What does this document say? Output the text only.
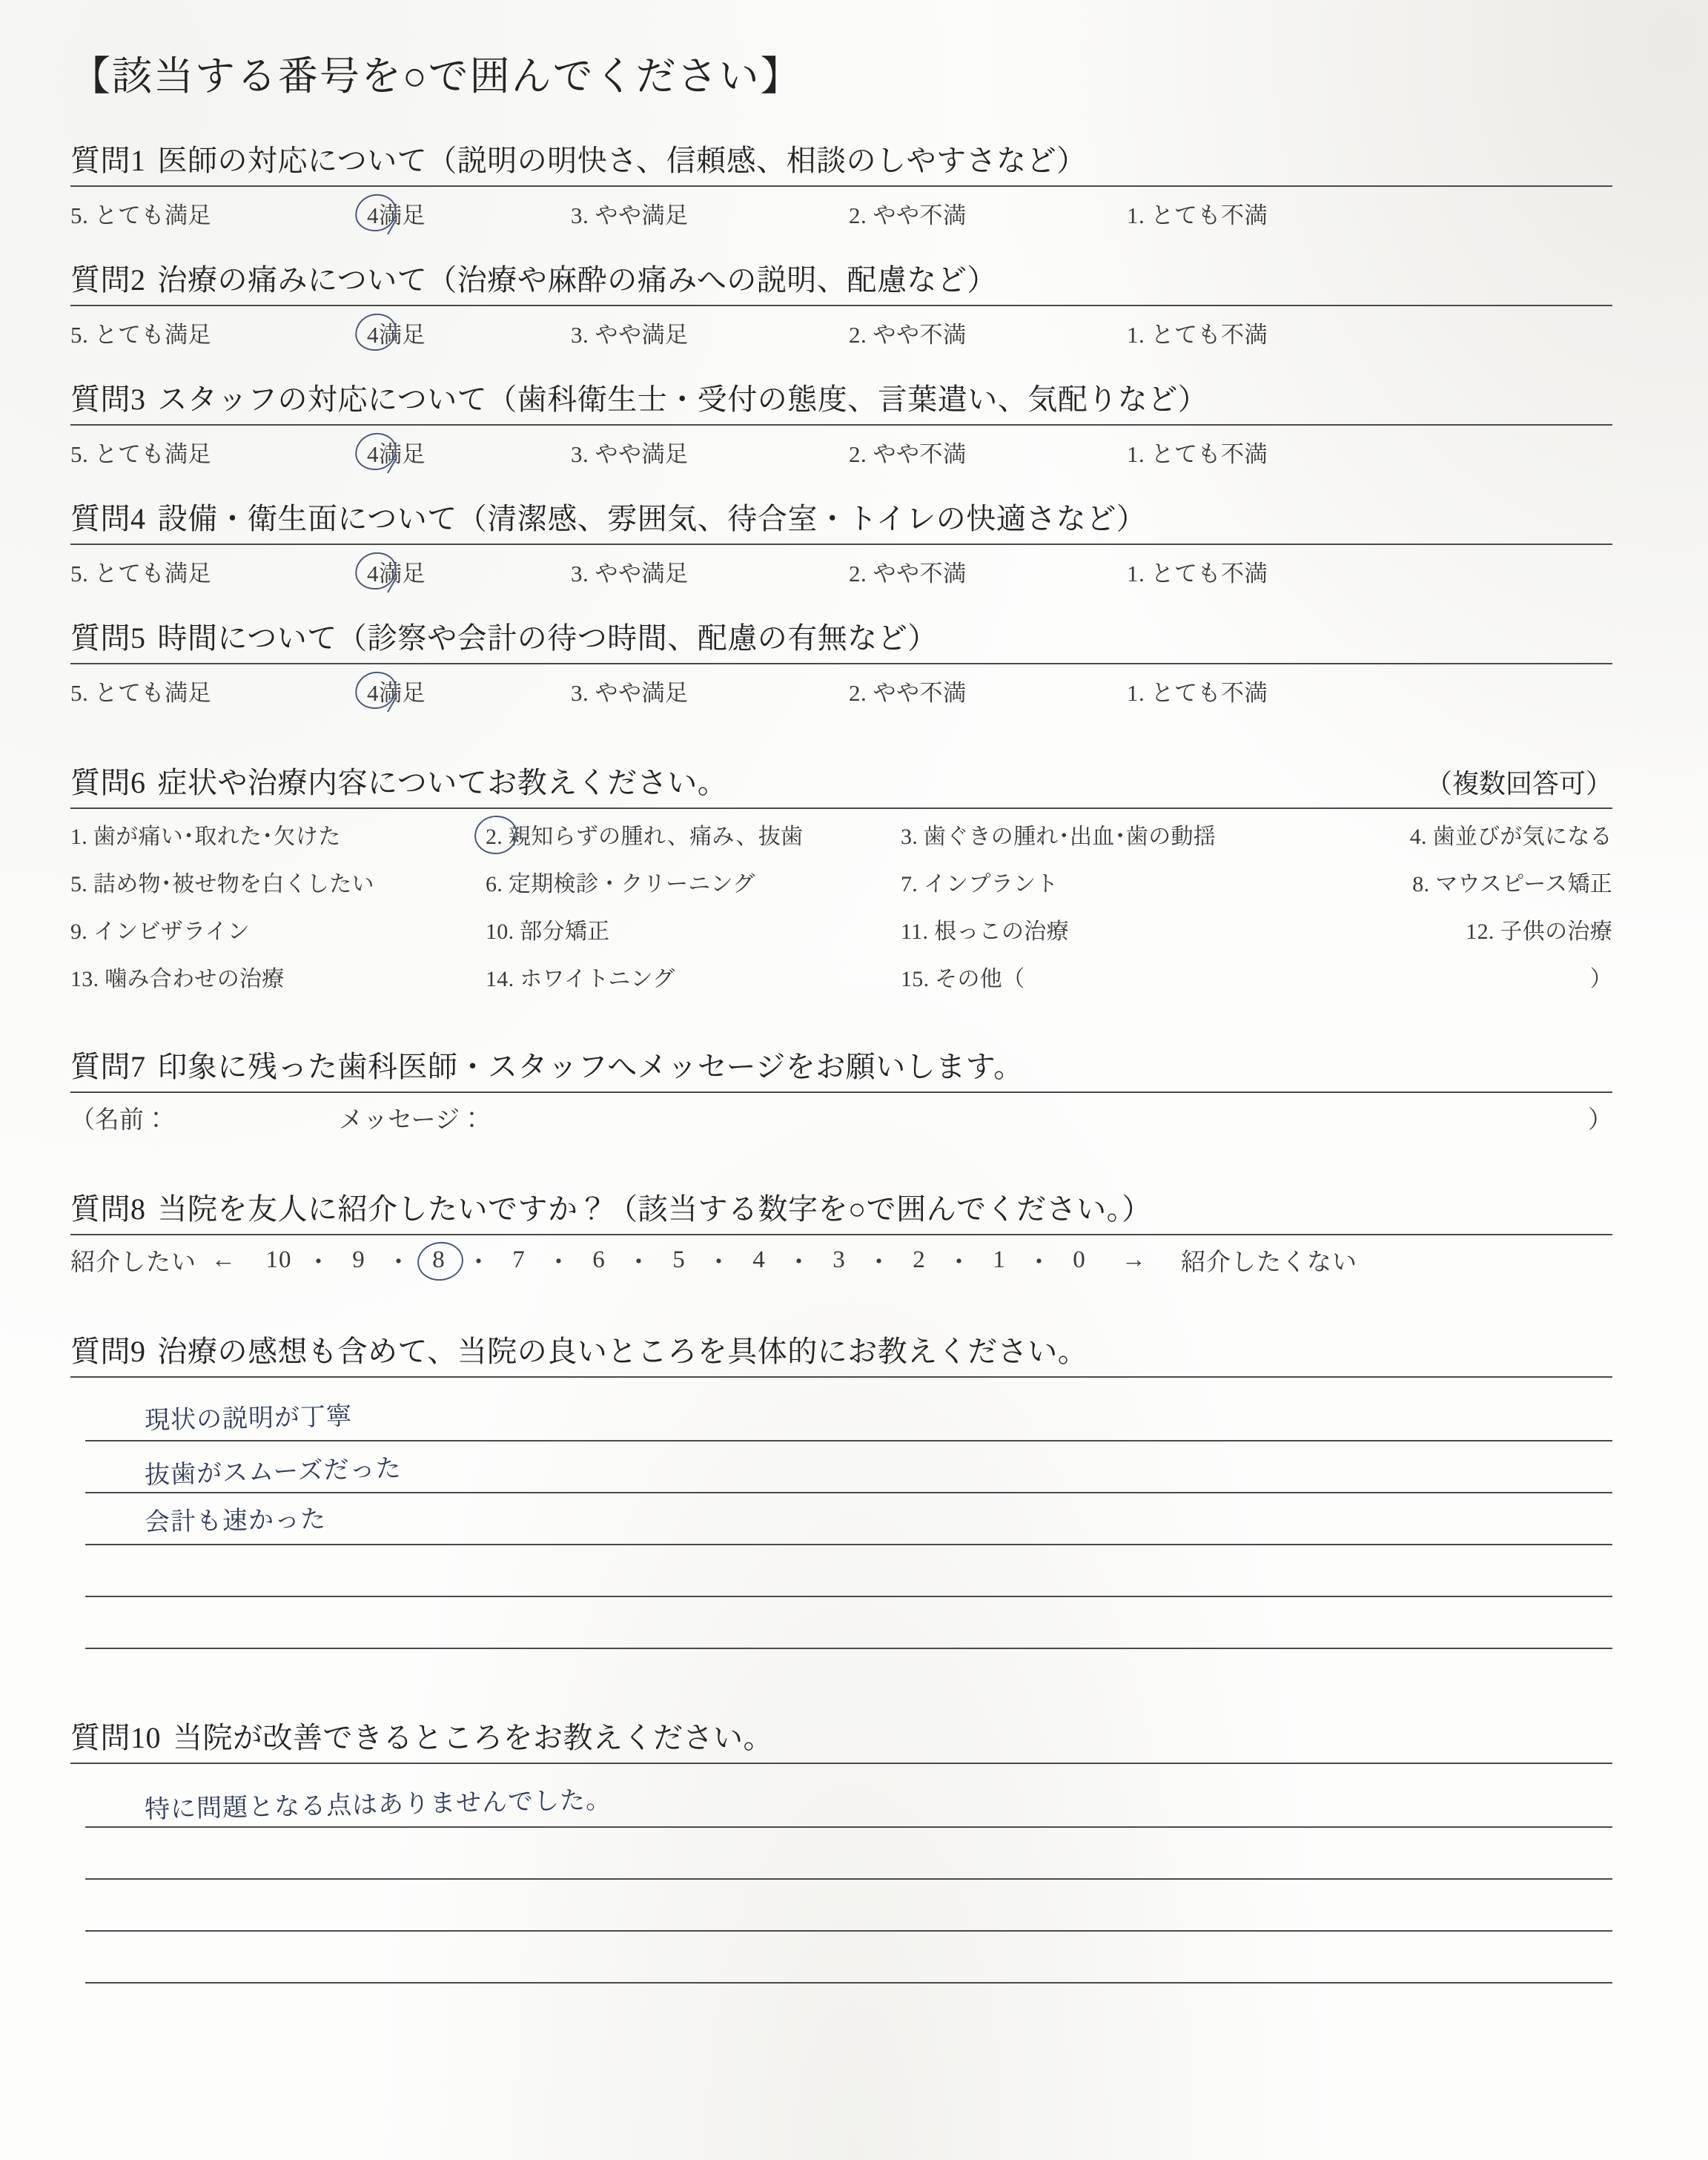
【該当する番号を○で囲んでください】
質問1 医師の対応について（説明の明快さ、信頼感、相談のしやすさなど）
5. とても満足	4満足	3. やや満足	2. やや不満	1. とても不満
質問2 治療の痛みについて（治療や麻酔の痛みへの説明、配慮など）
5. とても満足	4満足	3. やや満足	2. やや不満	1. とても不満
質問3 スタッフの対応について（歯科衛生士・受付の態度、言葉遣い、気配りなど）
5. とても満足	4満足	3. やや満足	2. やや不満	1. とても不満
質問4 設備・衛生面について（清潔感、雰囲気、待合室・トイレの快適さなど）
5. とても満足	4満足	3. やや満足	2. やや不満	1. とても不満
質問5 時間について（診察や会計の待つ時間、配慮の有無など）
5. とても満足	4満足	3. やや満足	2. やや不満	1. とても不満
質問6 症状や治療内容についてお教えください。	（複数回答可）
1. 歯が痛い･取れた･欠けた	2. 親知らずの腫れ、痛み、抜歯	3. 歯ぐきの腫れ･出血･歯の動揺	4. 歯並びが気になる
5. 詰め物･被せ物を白くしたい	6. 定期検診・クリーニング	7. インプラント	8. マウスピース矯正
9. インビザライン	10. 部分矯正	11. 根っこの治療	12. 子供の治療
13. 噛み合わせの治療	14. ホワイトニング	15. その他（	）
質問7 印象に残った歯科医師・スタッフへメッセージをお願いします。
（名前：	メッセージ：	）
質問8 当院を友人に紹介したいですか？（該当する数字を○で囲んでください。）
紹介したい ←	10 ・ 9 ・ 8 ・ 7 ・ 6 ・ 5 ・ 4 ・ 3 ・ 2 ・ 1 ・ 0	→ 紹介したくない
質問9 治療の感想も含めて、当院の良いところを具体的にお教えください。
現状の説明が丁寧
抜歯がスムーズだった
会計も速かった
質問10 当院が改善できるところをお教えください。
特に問題となる点はありませんでした。
